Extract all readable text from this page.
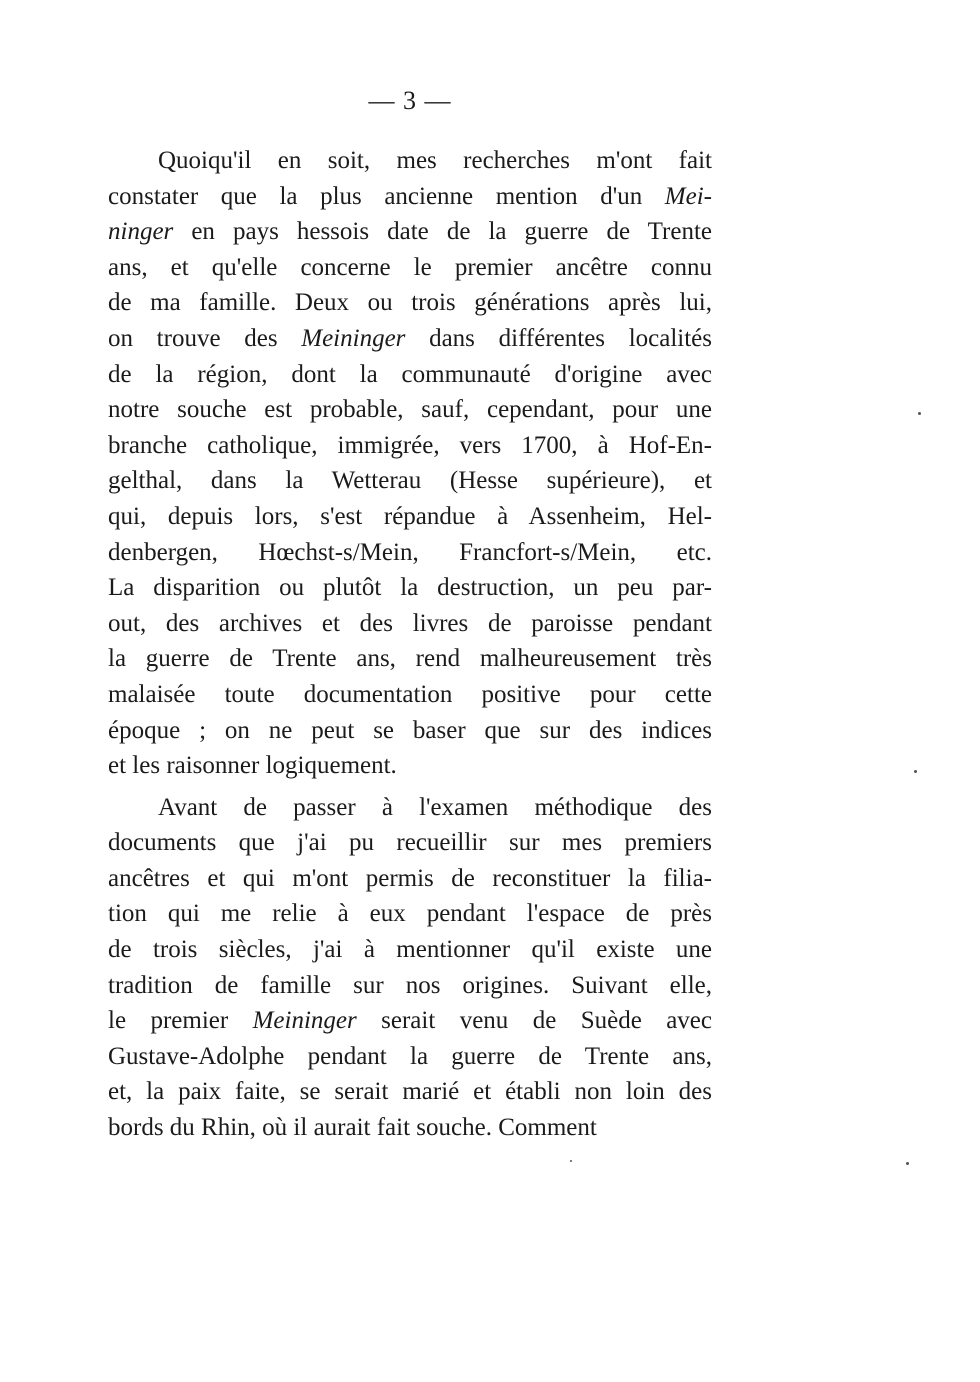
— 3 —
Quoiqu'il en soit, mes recherches m'ont fait
constater que la plus ancienne mention d'un Mei-
ninger en pays hessois date de la guerre de Trente
ans, et qu'elle concerne le premier ancêtre connu
de ma famille. Deux ou trois générations après lui,
on trouve des Meininger dans différentes localités
de la région, dont la communauté d'origine avec
notre souche est probable, sauf, cependant, pour une
branche catholique, immigrée, vers 1700, à Hof-En-
gelthal, dans la Wetterau (Hesse supérieure), et
qui, depuis lors, s'est répandue à Assenheim, Hel-
denbergen, Hœchst-s/Mein, Francfort-s/Mein, etc.
La disparition ou plutôt la destruction, un peu par-
out, des archives et des livres de paroisse pendant
la guerre de Trente ans, rend malheureusement très
malaisée toute documentation positive pour cette
époque ; on ne peut se baser que sur des indices
et les raisonner logiquement.
Avant de passer à l'examen méthodique des
documents que j'ai pu recueillir sur mes premiers
ancêtres et qui m'ont permis de reconstituer la filia-
tion qui me relie à eux pendant l'espace de près
de trois siècles, j'ai à mentionner qu'il existe une
tradition de famille sur nos origines. Suivant elle,
le premier Meininger serait venu de Suède avec
Gustave-Adolphe pendant la guerre de Trente ans,
et, la paix faite, se serait marié et établi non loin des
bords du Rhin, où il aurait fait souche. Comment
